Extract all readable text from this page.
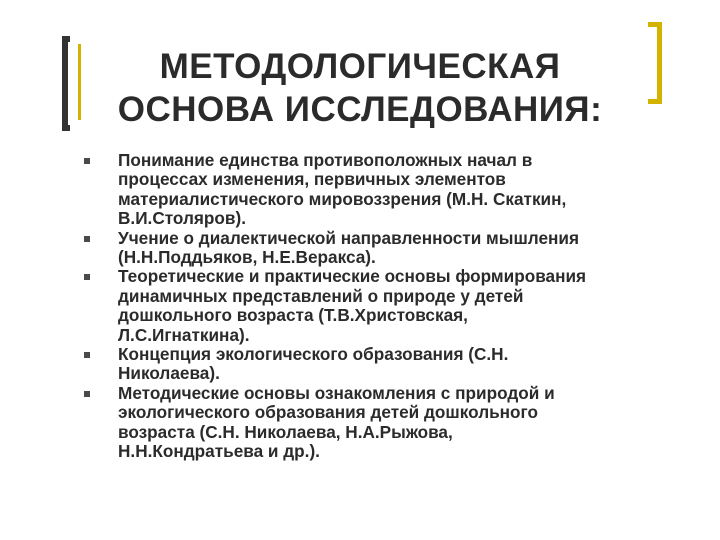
МЕТОДОЛОГИЧЕСКАЯ
ОСНОВА ИССЛЕДОВАНИЯ:
Понимание единства противоположных начал в
процессах изменения, первичных элементов
материалистического мировоззрения (М.Н. Скаткин,
В.И.Столяров).
Учение о диалектической направленности мышления
(Н.Н.Поддьяков, Н.Е.Веракса).
Теоретические и практические основы формирования
динамичных представлений о природе у детей
дошкольного возраста (Т.В.Христовская,
Л.С.Игнаткина).
Концепция экологического образования (С.Н.
Николаева).
Методические основы ознакомления с природой и
экологического образования детей дошкольного
возраста (С.Н. Николаева, Н.А.Рыжова,
Н.Н.Кондратьева и др.).
